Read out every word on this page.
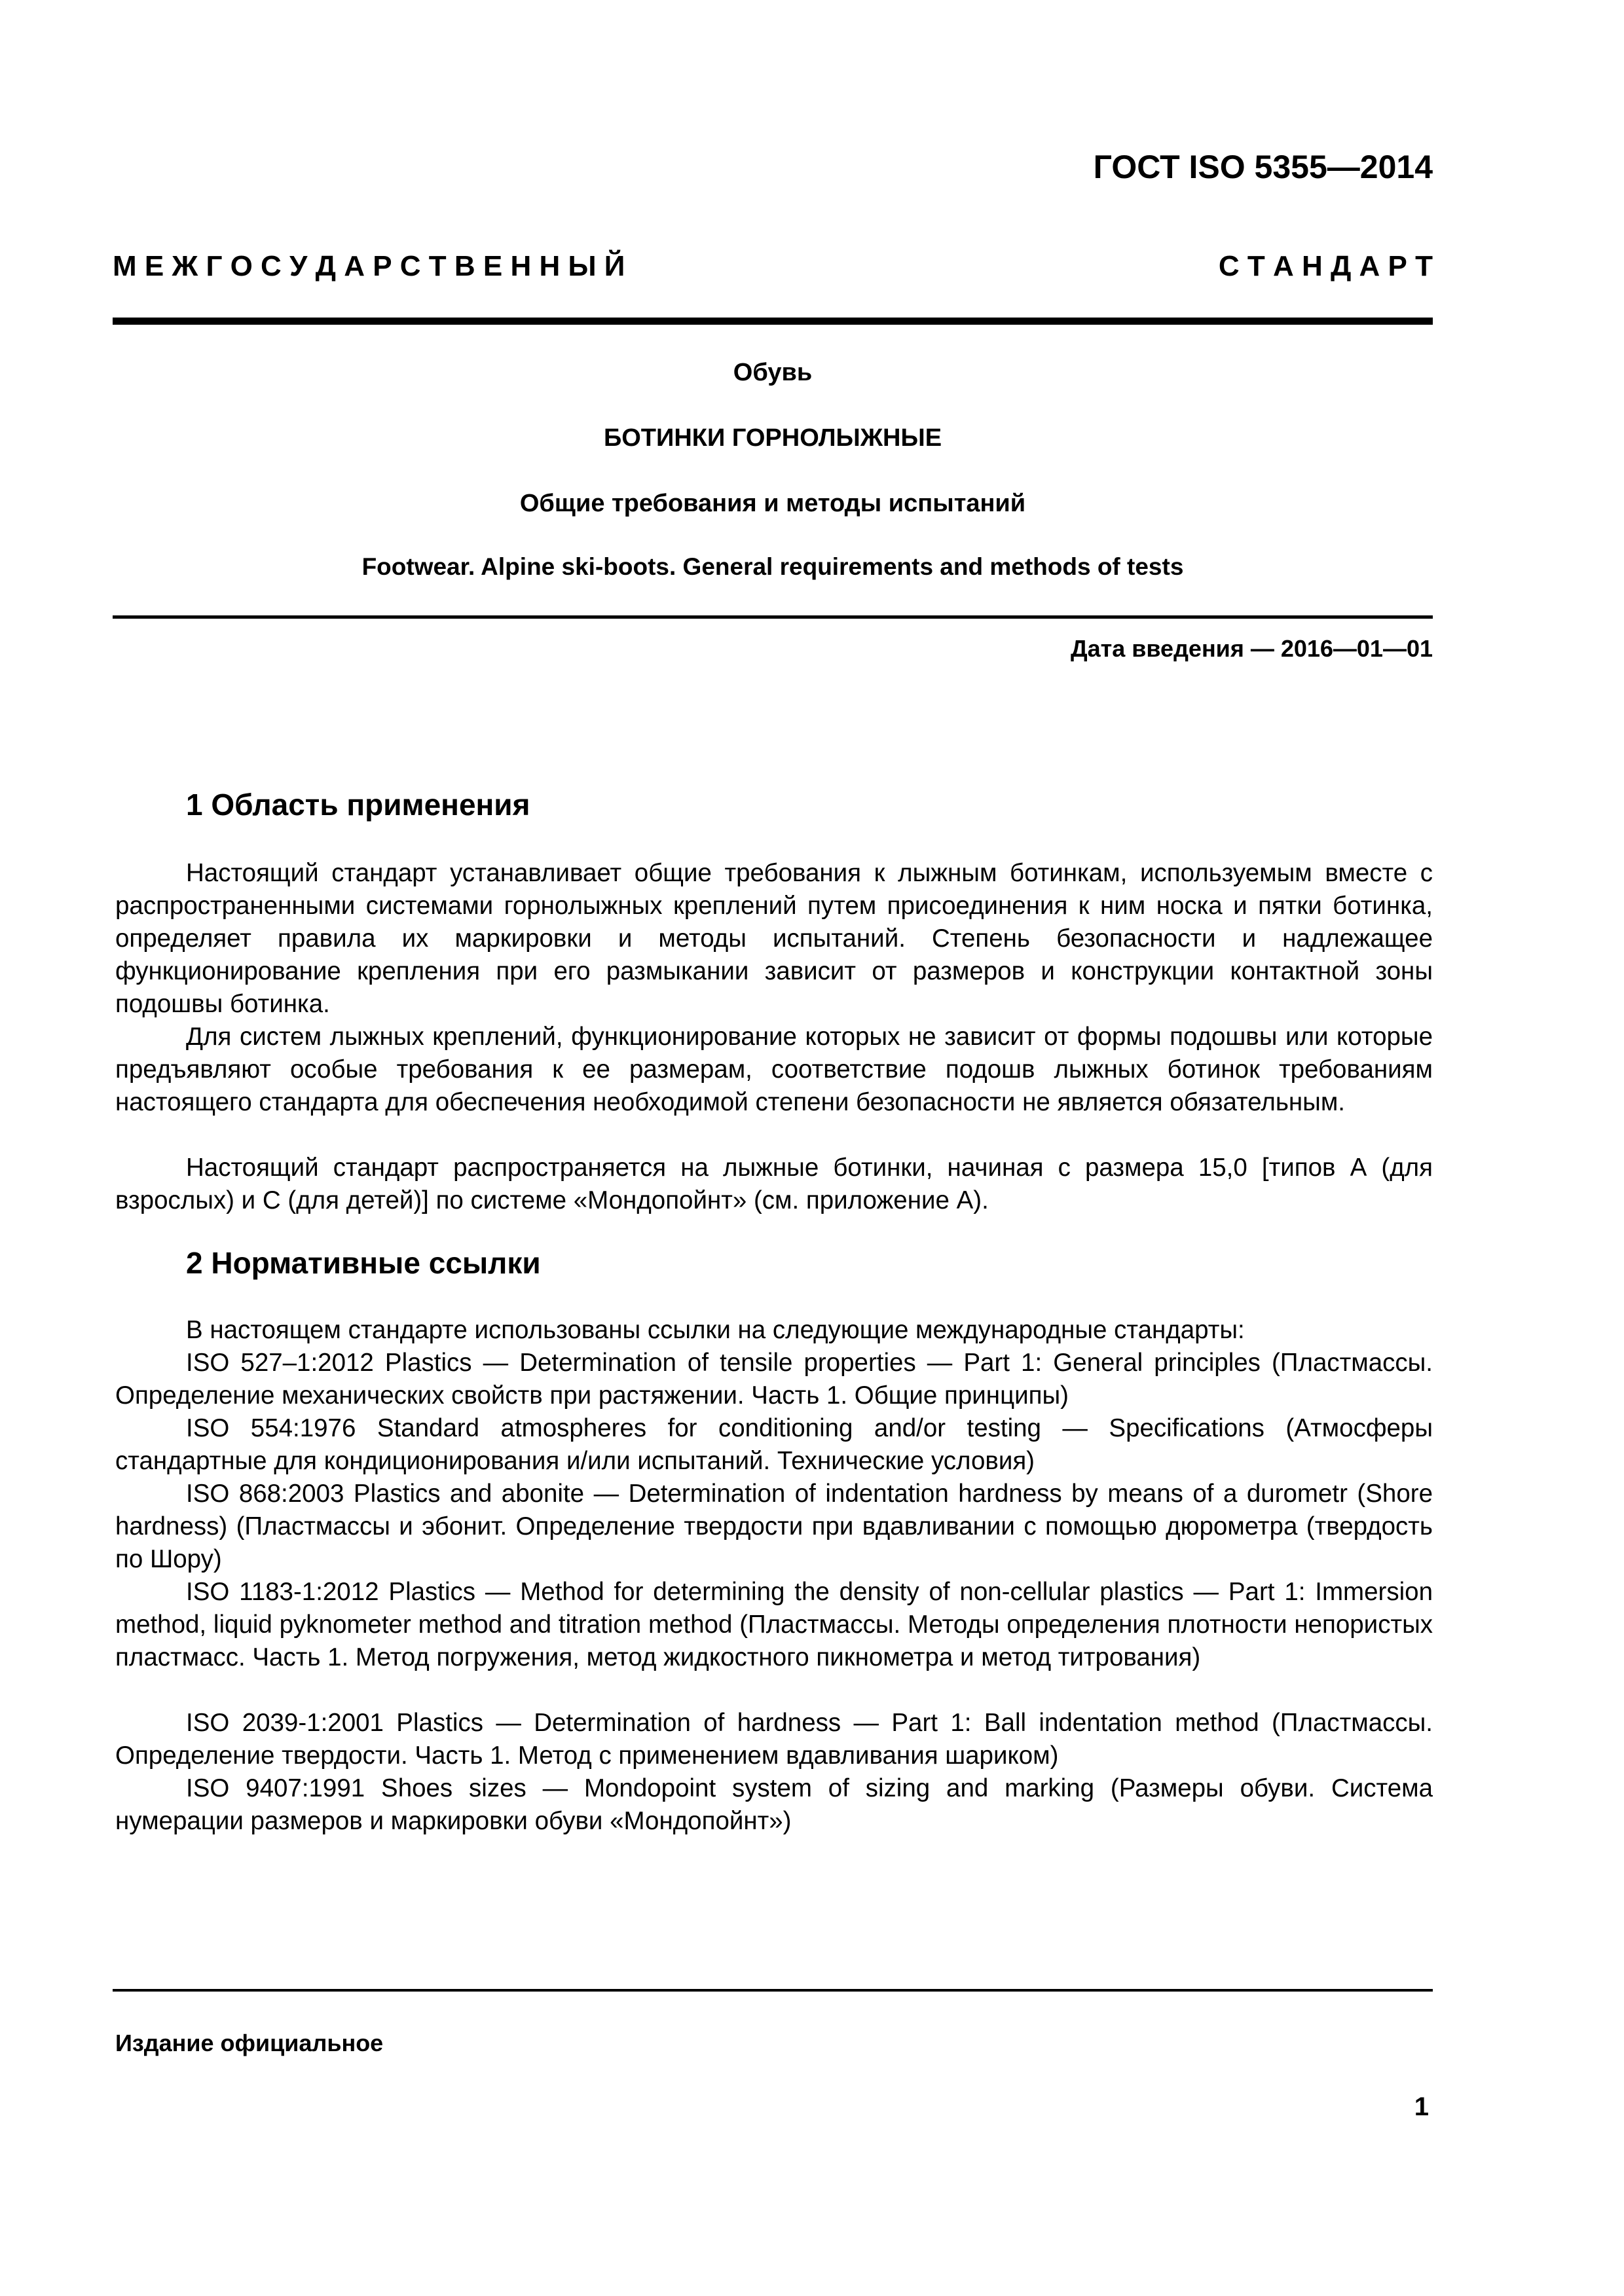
ГОСТ ISO 5355—2014
М Е Ж Г О С У Д А Р С Т В Е Н Н Ы Й	С Т А Н Д А Р Т
Обувь
БОТИНКИ ГОРНОЛЫЖНЫЕ
Общие требования и методы испытаний
Footwear. Alpine ski-boots. General requirements and methods of tests
Дата введения — 2016—01—01
1 Область применения

Настоящий стандарт устанавливает общие требования к лыжным ботинкам, используемым вместе с распространенными системами горнолыжных креплений путем присоединения к ним носка и пятки ботинка, определяет правила их маркировки и методы испытаний. Степень безопасности и надлежащее функционирование крепления при его размыкании зависит от размеров и конструкции контактной зоны подошвы ботинка.

Для систем лыжных креплений, функционирование которых не зависит от формы подошвы или которые предъявляют особые требования к ее размерам, соответствие подошв лыжных ботинок требованиям настоящего стандарта для обеспечения необходимой степени безопасности не является обязательным.

Настоящий стандарт распространяется на лыжные ботинки, начиная с размера 15,0 [типов А (для взрослых) и С (для детей)] по системе «Мондопойнт» (см. приложение А).

2 Нормативные ссылки

В настоящем стандарте использованы ссылки на следующие международные стандарты:

ISO 527–1:2012 Plastics — Determination of tensile properties — Part 1: General principles (Пластмассы. Определение механических свойств при растяжении. Часть 1. Общие принципы)

ISO 554:1976 Standard atmospheres for conditioning and/or testing — Specifications (Атмосферы стандартные для кондиционирования и/или испытаний. Технические условия)

ISO 868:2003 Plastics and abonite — Determination of indentation hardness by means of a durometr (Shore hardness) (Пластмассы и эбонит. Определение твердости при вдавливании с помощью дюрометра (твердость по Шору)

ISO 1183-1:2012 Plastics — Method for determining the density of non-cellular plastics — Part 1: Immersion method, liquid pyknometer method and titration method (Пластмассы. Методы определения плотности непористых пластмасс. Часть 1. Метод погружения, метод жидкостного пикнометра и метод титрования)

ISO 2039-1:2001 Plastics — Determination of hardness — Part 1: Ball indentation method (Пластмассы. Определение твердости. Часть 1. Метод с применением вдавливания шариком)

ISO 9407:1991 Shoes sizes — Mondopoint system of sizing and marking (Размеры обуви. Система нумерации размеров и маркировки обуви «Мондопойнт»)

Издание официальное
1
